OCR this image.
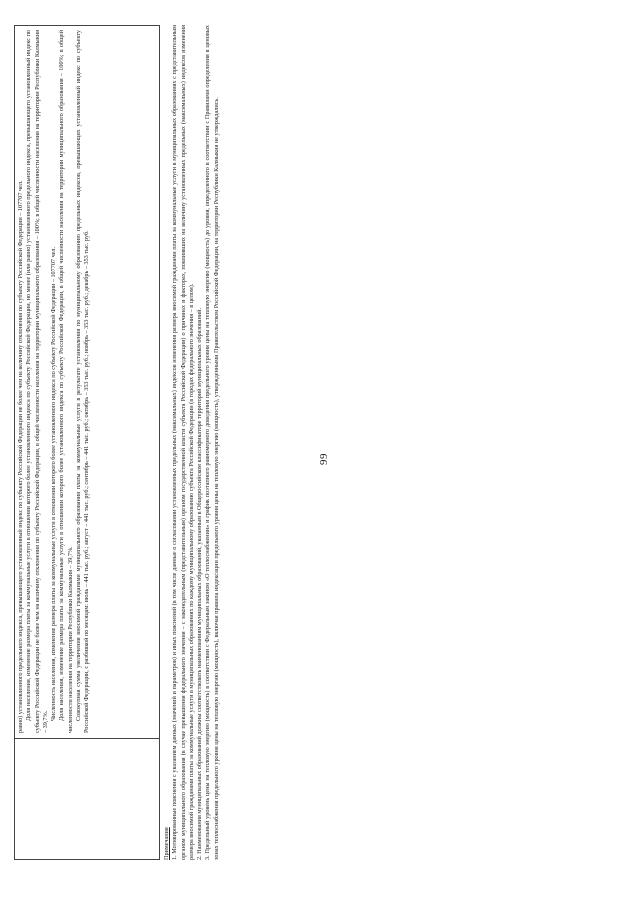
равно) установленного предельного индекса, превышающего установленный индекс по субъекту Российской Федерации не более чем на величину отклонения по субъекту Российской Федерации – 107707 чел. Доля населения, изменение размера платы за коммунальные услуги в отношении которого более установленного индекса по субъекту Российской Федерации, но менее (или равно) установленного предельного индекса, превышающего установленный индекс по субъекту Российской Федерации не более чем на величину отклонения по субъекту Российской Федерации, в общей численности населения на территории муниципального образования – 100%; в общей численности населения на территории Республики Калмыкия – 39,7%.

Численность населения, изменение размера платы за коммунальные услуги в отношении которого более установленного индекса по субъекту Российской Федерации – 107707 чел. Доля населения, изменение размера платы за коммунальные услуги в отношении которого более установленного индекса по субъекту Российской Федерации, в общей численности населения на территории муниципального образования – 100%; в общей численности населения на территории Республики Калмыкия – 39,7%. Совокупная сумма увеличения вносимой гражданами муниципального образования платы за коммунальные услуги в результате установления по муниципальному образованию предельных индексов, превышающих установленный индекс по субъекту Российской Федерации, с разбивкой по месяцам: июль – 441 тыс. руб.; август – 441 тыс. руб.; сентябрь – 441 тыс. руб.; октябрь – 353 тыс. руб.; ноябрь – 353 тыс. руб.; декабрь – 353 тыс. руб.

Примечания 1. Мотивированные пояснения с указанием данных (значений и параметров) и иных пояснений (в том числе данные о согласовании установленных предельных (максимальных) индексов изменения размера вносимой гражданами платы за коммунальные услуги в муниципальных образованиях с представительным органом муниципального образования (в случае превышения федерального значения – с законодательным (представительным) органом государственной власти субъекта Российской Федерации) о причинах и факторах, повлиявших на величину установленных предельных (максимальных) индексов изменения размера вносимой гражданами платы за коммунальные услуги в муниципальных образованиях по каждому муниципальному образованию субъекта Российской Федерации (в городах федерального значения – в целом). 2. Наименования муниципальных образований должны соответствовать наименованиям муниципальных образований, указанным в Общероссийском классификаторе территорий муниципальных образований. 3. Предельный уровень цены на тепловую энергию (мощность) в соответствии с Федеральным законом «О теплоснабжении» и график поэтапного равномерного доведения предельного уровня цены на тепловую энергию (мощность) до уровня, определенного в соответствии с Правилами определения в ценовых зонах теплоснабжения предельного уровня цены на тепловую энергию (мощность), включая правила индексации предельного уровня цены на тепловую энергию (мощность), утвержденными Правительством Российской Федерации, на территории Республики Калмыкия не утверждались.	99
